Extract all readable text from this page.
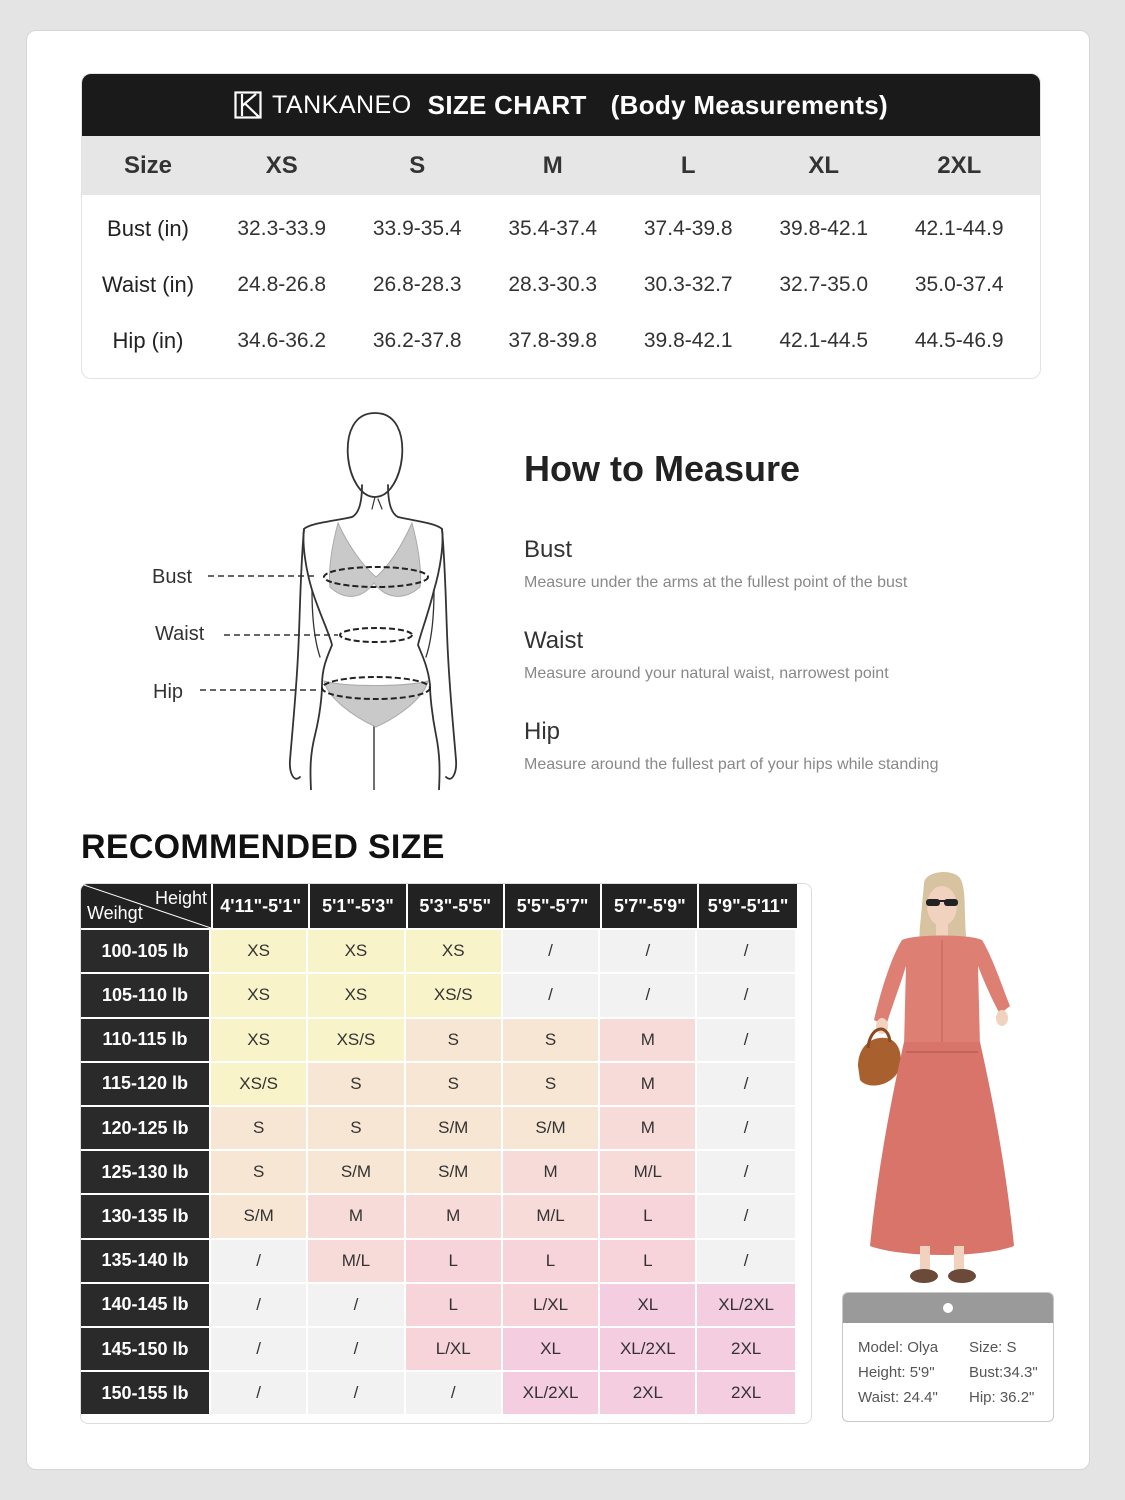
TANKANEO SIZE CHART (Body Measurements)
Size	XS	S	M	L	XL	2XL
Bust (in)	32.3-33.9	33.9-35.4	35.4-37.4	37.4-39.8	39.8-42.1	42.1-44.9
Waist (in)	24.8-26.8	26.8-28.3	28.3-30.3	30.3-32.7	32.7-35.0	35.0-37.4
Hip (in)	34.6-36.2	36.2-37.8	37.8-39.8	39.8-42.1	42.1-44.5	44.5-46.9
Bust
Waist
Hip
How to Measure
Bust
Measure under the arms at the fullest point of the bust
Waist
Measure around your natural waist, narrowest point
Hip
Measure around the fullest part of your hips while standing
RECOMMENDED SIZE
Height
Weihgt	4'11"-5'1"	5'1"-5'3"	5'3"-5'5"	5'5"-5'7"	5'7"-5'9"	5'9"-5'11"
100-105 lb	XS	XS	XS	/	/	/
105-110 lb	XS	XS	XS/S	/	/	/
110-115 lb	XS	XS/S	S	S	M	/
115-120 lb	XS/S	S	S	S	M	/
120-125 lb	S	S	S/M	S/M	M	/
125-130 lb	S	S/M	S/M	M	M/L	/
130-135 lb	S/M	M	M	M/L	L	/
135-140 lb	/	M/L	L	L	L	/
140-145 lb	/	/	L	L/XL	XL	XL/2XL
145-150 lb	/	/	L/XL	XL	XL/2XL	2XL
150-155 lb	/	/	/	XL/2XL	2XL	2XL
Model: Olya Size: S
Height: 5'9" Bust:34.3"
Waist: 24.4" Hip: 36.2"
